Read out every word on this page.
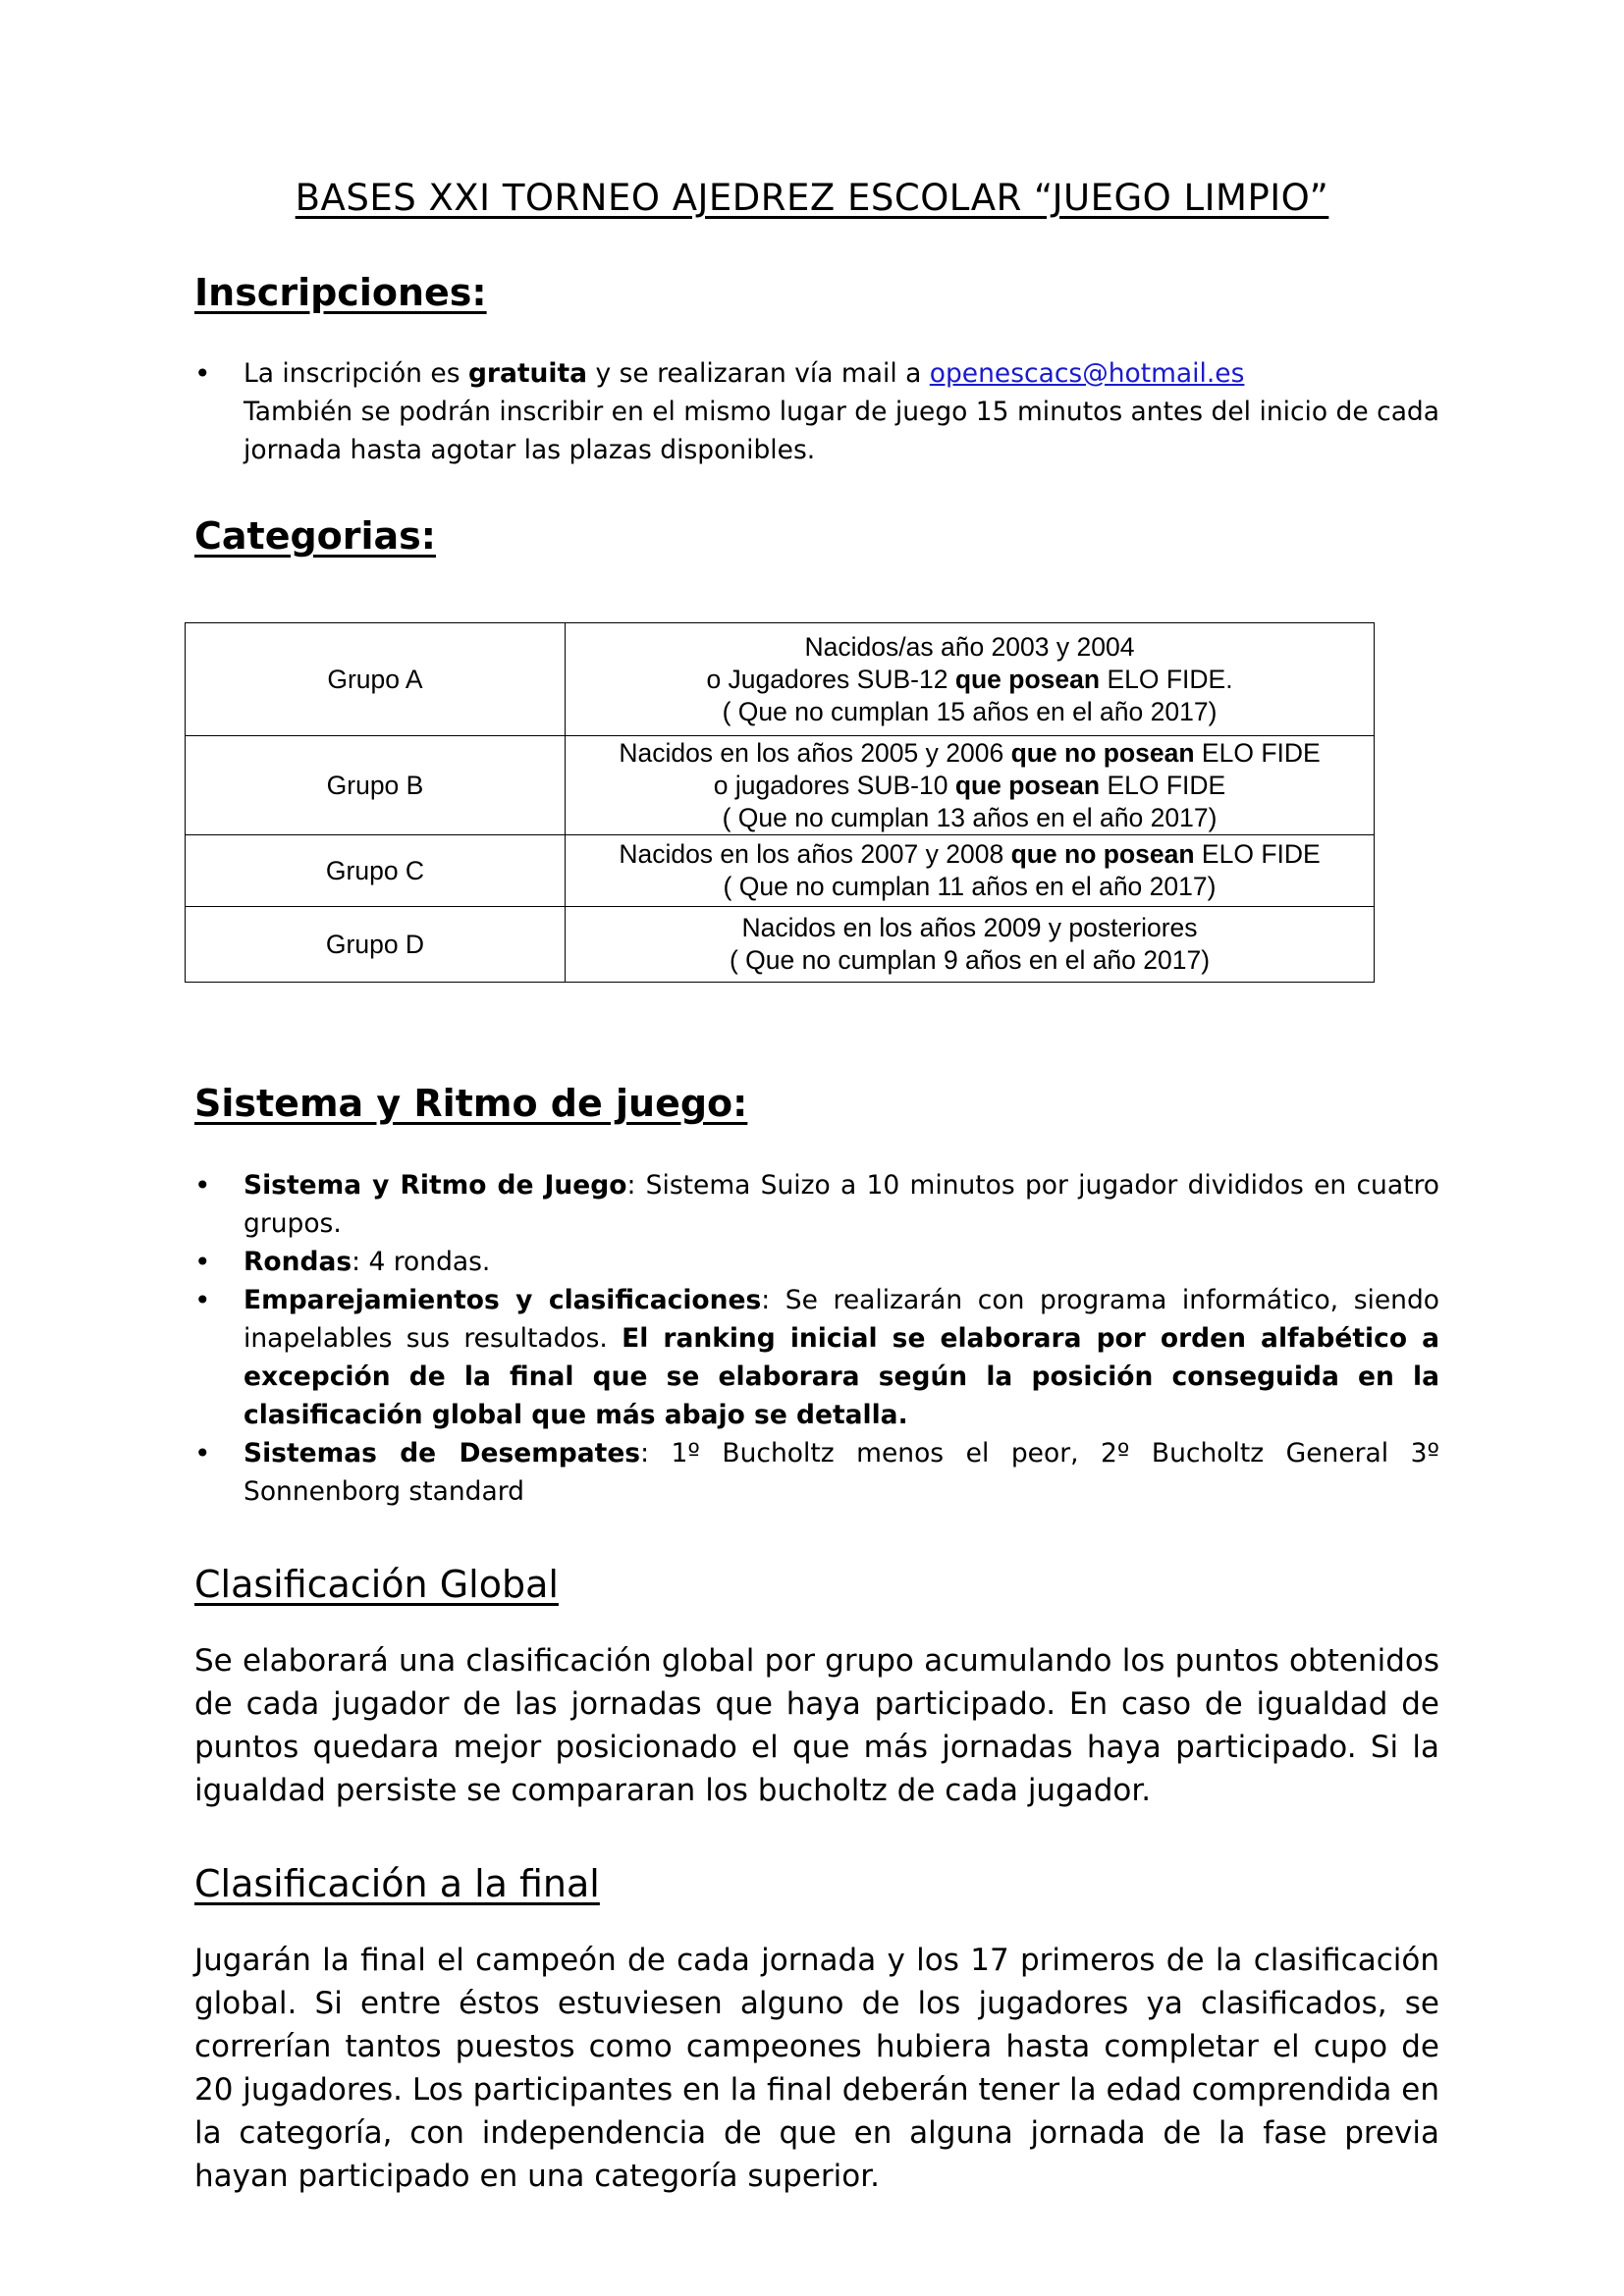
BASES XXI TORNEO AJEDREZ ESCOLAR “JUEGO LIMPIO”
Inscripciones:
• La inscripción es gratuita y se realizaran vía mail a openescacs@hotmail.es
También se podrán inscribir en el mismo lugar de juego 15 minutos antes del inicio de cada jornada hasta agotar las plazas disponibles.
Categorias:
Grupo A	Nacidos/as año 2003 y 2004
o Jugadores SUB-12 que posean ELO FIDE.
( Que no cumplan 15 años en el año 2017)

Grupo B	Nacidos en los años 2005 y 2006 que no posean ELO FIDE
o jugadores SUB-10 que posean ELO FIDE
( Que no cumplan 13 años en el año 2017)

Grupo C	Nacidos en los años 2007 y 2008 que no posean ELO FIDE
( Que no cumplan 11 años en el año 2017)

Grupo D	Nacidos en los años 2009 y posteriores
( Que no cumplan 9 años en el año 2017)
Sistema y Ritmo de juego:
• Sistema y Ritmo de Juego: Sistema Suizo a 10 minutos por jugador divididos en cuatro grupos.
• Rondas: 4 rondas.
• Emparejamientos y clasificaciones: Se realizarán con programa informático, siendo inapelables sus resultados. El ranking inicial se elaborara por orden alfabético a excepción de la final que se elaborara según la posición conseguida en la clasificación global que más abajo se detalla.
• Sistemas de Desempates: 1º Bucholtz menos el peor, 2º Bucholtz General 3º Sonnenborg standard
Clasificación Global

Se elaborará una clasificación global por grupo acumulando los puntos obtenidos de cada jugador de las jornadas que haya participado. En caso de igualdad de puntos quedara mejor posicionado el que más jornadas haya participado. Si la igualdad persiste se compararan los bucholtz de cada jugador.

Clasificación a la final

Jugarán la final el campeón de cada jornada y los 17 primeros de la clasificación global. Si entre éstos estuviesen alguno de los jugadores ya clasificados, se correrían tantos puestos como campeones hubiera hasta completar el cupo de 20 jugadores. Los participantes en la final deberán tener la edad comprendida en la categoría, con independencia de que en alguna jornada de la fase previa hayan participado en una categoría superior.
